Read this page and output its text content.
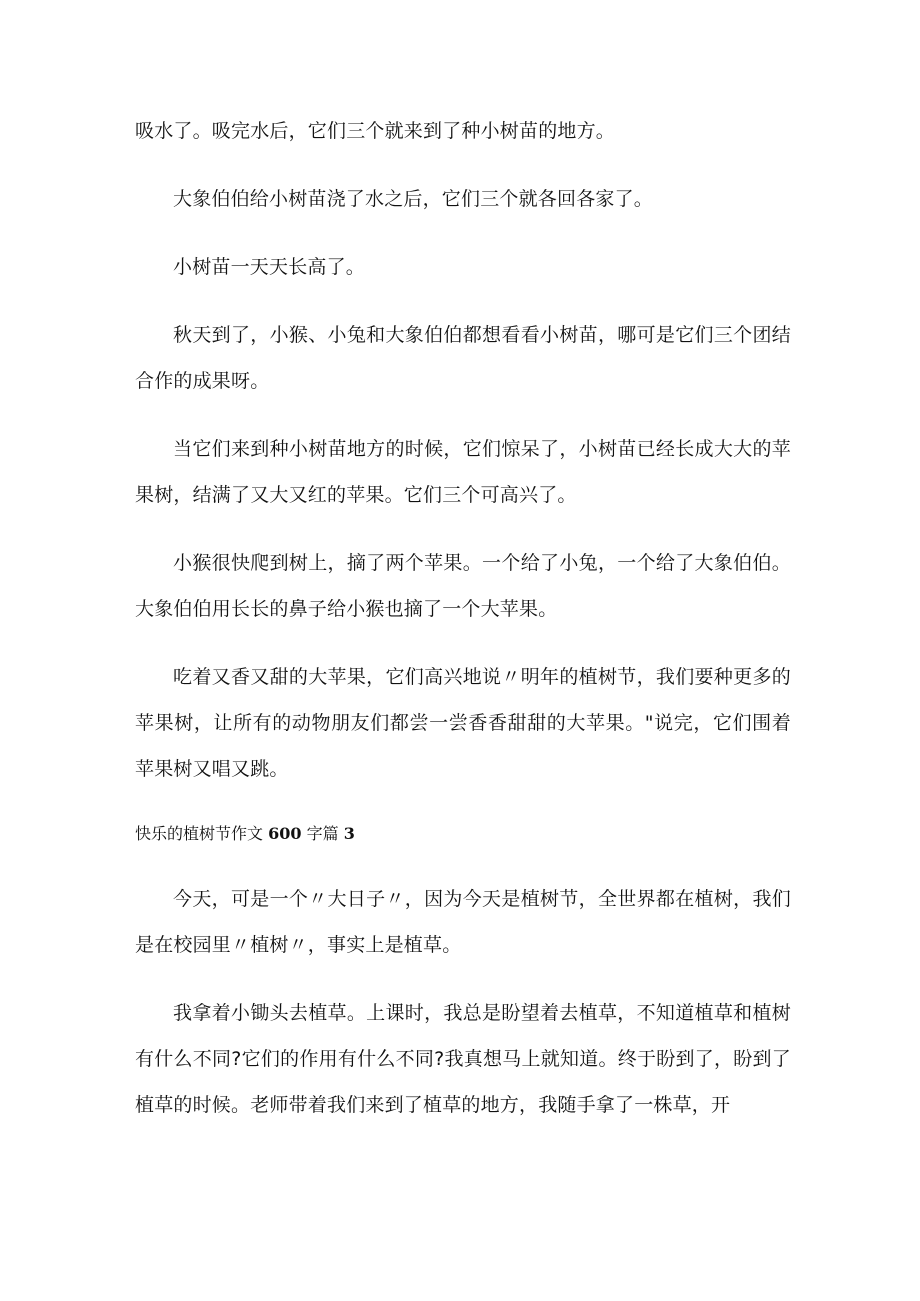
吸水了。吸完水后，它们三个就来到了种小树苗的地方。

大象伯伯给小树苗浇了水之后，它们三个就各回各家了。

小树苗一天天长高了。

秋天到了，小猴、小兔和大象伯伯都想看看小树苗，哪可是它们三个团结合作的成果呀。

当它们来到种小树苗地方的时候，它们惊呆了，小树苗已经长成大大的苹果树，结满了又大又红的苹果。它们三个可高兴了。

小猴很快爬到树上，摘了两个苹果。一个给了小兔，一个给了大象伯伯。大象伯伯用长长的鼻子给小猴也摘了一个大苹果。

吃着又香又甜的大苹果，它们高兴地说〃明年的植树节，我们要种更多的苹果树，让所有的动物朋友们都尝一尝香香甜甜的大苹果。"说完，它们围着苹果树又唱又跳。

快乐的植树节作文 600 字篇 3

今天，可是一个〃大日子〃，因为今天是植树节，全世界都在植树，我们是在校园里〃植树〃，事实上是植草。

我拿着小锄头去植草。上课时，我总是盼望着去植草，不知道植草和植树有什么不同?它们的作用有什么不同?我真想马上就知道。终于盼到了，盼到了植草的时候。老师带着我们来到了植草的地方，我随手拿了一株草，开
